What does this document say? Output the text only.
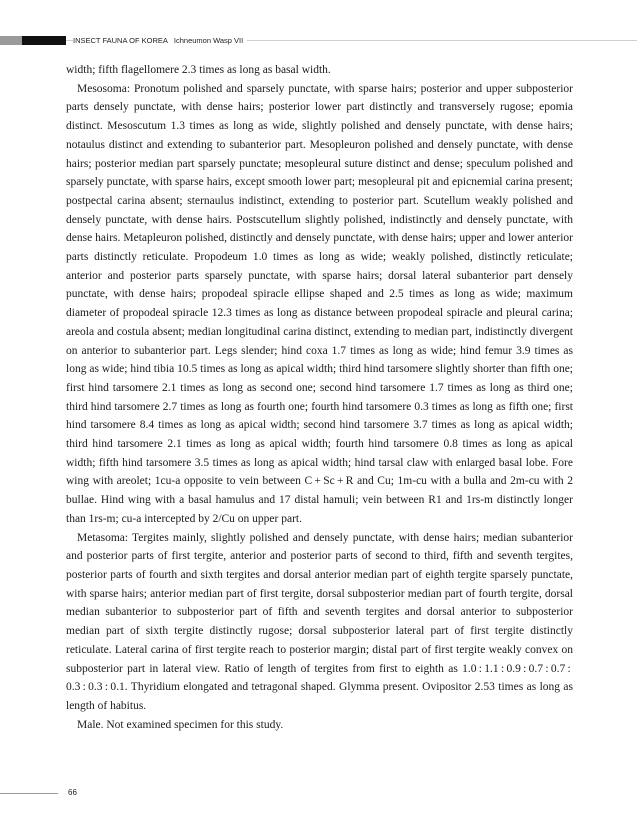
INSECT FAUNA OF KOREA Ichneumon Wasp VII

width; fifth flagellomere 2.3 times as long as basal width.

Mesosoma: Pronotum polished and sparsely punctate, with sparse hairs; posterior and upper subposterior parts densely punctate, with dense hairs; posterior lower part distinctly and transversely rugose; epomia distinct. Mesoscutum 1.3 times as long as wide, slightly polished and densely punctate, with dense hairs; notaulus distinct and extending to subanterior part. Mesopleuron polished and densely punctate, with dense hairs; posterior median part sparsely punctate; mesopleural suture distinct and dense; speculum polished and sparsely punctate, with sparse hairs, except smooth lower part; mesopleural pit and epicnemial carina present; postpectal carina absent; sternaulus indistinct, extending to posterior part. Scutellum weakly polished and densely punctate, with dense hairs. Postscutellum slightly polished, indistinctly and densely punctate, with dense hairs. Metapleuron polished, distinctly and densely punctate, with dense hairs; upper and lower anterior parts distinctly reticulate. Propodeum 1.0 times as long as wide; weakly polished, distinctly reticulate; anterior and posterior parts sparsely punctate, with sparse hairs; dorsal lateral subanterior part densely punctate, with dense hairs; propodeal spiracle ellipse shaped and 2.5 times as long as wide; maximum diameter of propodeal spiracle 12.3 times as long as distance between propodeal spiracle and pleural carina; areola and costula absent; median longitudinal carina distinct, extending to median part, indistinctly divergent on anterior to subanterior part. Legs slender; hind coxa 1.7 times as long as wide; hind femur 3.9 times as long as wide; hind tibia 10.5 times as long as apical width; third hind tarsomere slightly shorter than fifth one; first hind tarsomere 2.1 times as long as second one; second hind tarsomere 1.7 times as long as third one; third hind tarsomere 2.7 times as long as fourth one; fourth hind tarsomere 0.3 times as long as fifth one; first hind tarsomere 8.4 times as long as apical width; second hind tarsomere 3.7 times as long as apical width; third hind tarsomere 2.1 times as long as apical width; fourth hind tarsomere 0.8 times as long as apical width; fifth hind tarsomere 3.5 times as long as apical width; hind tarsal claw with enlarged basal lobe. Fore wing with areolet; 1cu-a opposite to vein between C + Sc + R and Cu; 1m-cu with a bulla and 2m-cu with 2 bullae. Hind wing with a basal hamulus and 17 distal hamuli; vein between R1 and 1rs-m distinctly longer than 1rs-m; cu-a intercepted by 2/Cu on upper part.

Metasoma: Tergites mainly, slightly polished and densely punctate, with dense hairs; median subanterior and posterior parts of first tergite, anterior and posterior parts of second to third, fifth and seventh tergites, posterior parts of fourth and sixth tergites and dorsal anterior median part of eighth tergite sparsely punctate, with sparse hairs; anterior median part of first tergite, dorsal subposterior median part of fourth tergite, dorsal median subanterior to subposterior part of fifth and seventh tergites and dorsal anterior to subposterior median part of sixth tergite distinctly rugose; dorsal subposterior lateral part of first tergite distinctly reticulate. Lateral carina of first tergite reach to posterior margin; distal part of first tergite weakly convex on subposterior part in lateral view. Ratio of length of tergites from first to eighth as 1.0 : 1.1 : 0.9 : 0.7 : 0.7 : 0.3 : 0.3 : 0.1. Thyridium elongated and tetragonal shaped. Glymma present. Ovipositor 2.53 times as long as length of habitus.

Male. Not examined specimen for this study.

66
